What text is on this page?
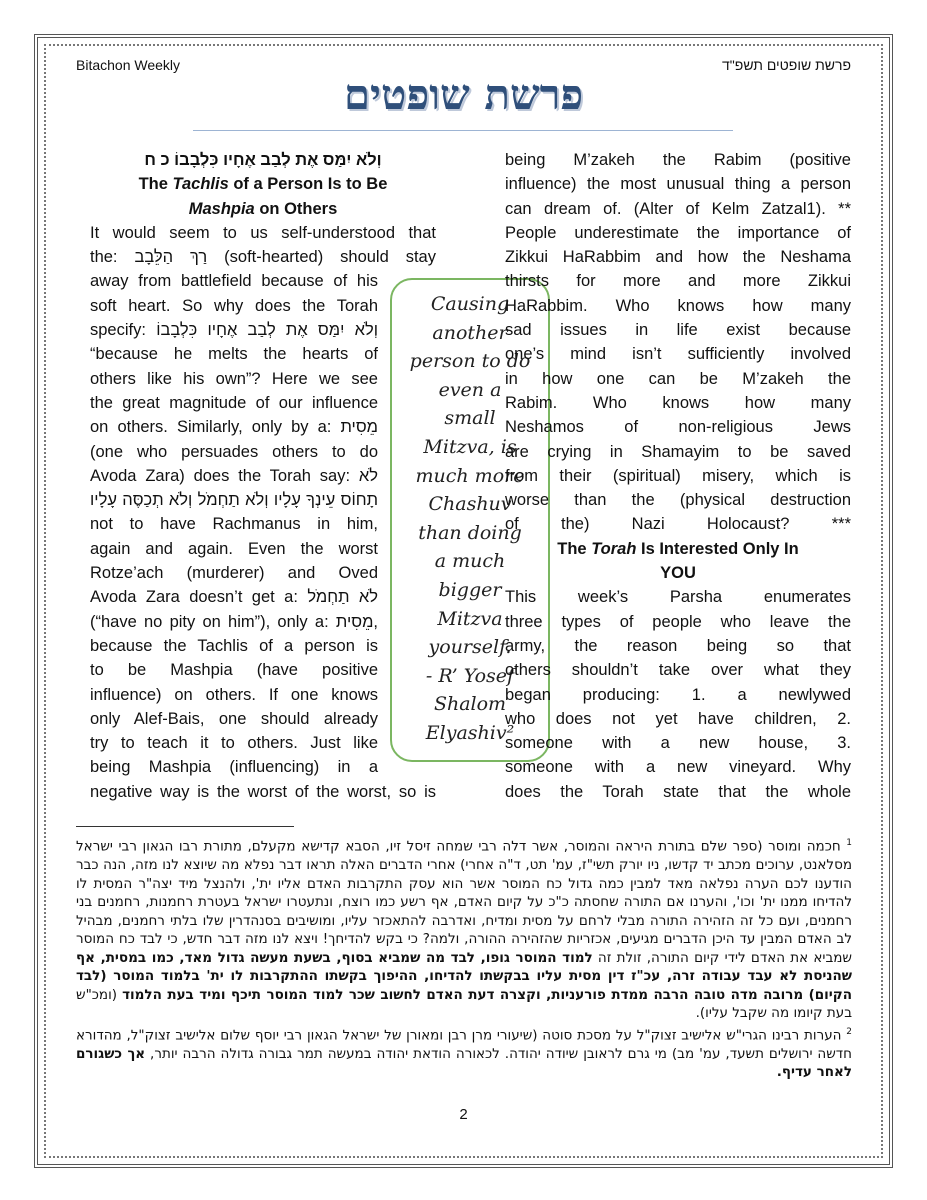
Bitachon Weekly	פרשת שופטים תשפ"ד
פרשת שופטים

וְלֹא יִמַּס אֶת לְבַב אֶחָיו כִּלְבָבוֹ כ ח

The Tachlis of a Person Is to Be

Mashpia on Others

It would seem to us self-understood that

the: רַךְ הַלֵּבָב (soft-hearted) should stay

away from battlefield because of his

soft heart. So why does the Torah

specify: וְלֹא יִמַּס אֶת לְבַב אֶחָיו כִּלְבָבוֹ

“because he melts the hearts of

others like his own”? Here we see

the great magnitude of our influence

on others. Similarly, only by a: מֵסִית

(one who persuades others to do

Avoda Zara) does the Torah say: לֹא

תָחוֹס עֵינְךָ עָלָיו וְלֹא תַחְמֹל וְלֹא תְכַסֶּה עָלָיו

not to have Rachmanus in him,

again and again. Even the worst

Rotze’ach (murderer) and Oved

Avoda Zara doesn’t get a: לֹא תַחְמֹל

(“have no pity on him”), only a: מֵסִית,

because the Tachlis of a person is

to be Mashpia (have positive

influence) on others. If one knows

only Alef-Bais, one should already

try to teach it to others. Just like

being Mashpia (influencing) in a

negative way is the worst of the worst, so is

Causing
another
person to do
even a
small
Mitzva, is
much more
Chashuv
than doing
a much
bigger
Mitzva
yourself.
- R’ Yosef
Shalom
Elyashiv²

being M’zakeh the Rabim (positive

influence) the most unusual thing a person

can dream of. (Alter of Kelm Zatzal1). **

People underestimate the importance of

Zikkui HaRabbim and how the Neshama

thirsts for more and more Zikkui

HaRabbim. Who knows how many

sad issues in life exist because

one’s mind isn’t sufficiently involved

in how one can be M’zakeh the

Rabim. Who knows how many

Neshamos of non-religious Jews

are crying in Shamayim to be saved

from their (spiritual) misery, which is

worse than the (physical destruction

of the) Nazi Holocaust? ***

The Torah Is Interested Only In

YOU

This week’s Parsha enumerates

three types of people who leave the

army, the reason being so that

others shouldn’t take over what they

began producing: 1. a newlywed

who does not yet have children, 2.

someone with a new house, 3.

someone with a new vineyard. Why

does the Torah state that the whole

$^1$ חכמה ומוסר (ספר שלם בתורת היראה והמוסר, אשר דלה רבי שמחה זיסל זיו, הסבא קדישא מקעלם, מתורת רבו הגאון רבי ישראל מסלאנט, ערוכים מכתב יד קדשו, ניו יורק תשי"ז, עמ' תט, ד"ה אחרי) אחרי הדברים האלה תראו דבר נפלא מה שיוצא לנו מזה, הנה כבר הודענו לכם הערה נפלאה מאד למבין כמה גדול כח המוסר אשר הוא עסק התקרבות האדם אליו ית', ולהנצל מיד יצה"ר המסית לו להדיחו ממנו ית' וכו', והערנו אם התורה שחסתה כ"כ על קיום האדם, אף רשע כמו רוצח, ונתעטרו ישראל בעטרת רחמנות, רחמנים בני רחמנים, ועם כל זה הזהירה התורה מבלי לרחם על מסית ומדיח, ואדרבה להתאכזר עליו, ומושיבים בסנהדרין שלו בלתי רחמנים, מבהיל לב האדם המבין עד היכן הדברים מגיעים, אכזריות שהזהירה ההורה, ולמה? כי בקש להדיחך! ויצא לנו מזה דבר חדש, כי לבד כח המוסר שמביא את האדם לידי קיום התורה, זולת זה למוד המוסר גופו, לבד מה שמביא בסוף, בשעת מעשה גדול מאד, כמו במסית, אף שהניסת לא עבד עבודה זרה, עכ"ז דין מסית עליו בבקשתו להדיחו, ההיפוך בקשתו ההתקרבות לו ית' בלמוד המוסר (לבד הקיום) מרובה מדה טובה הרבה ממדת פורעניות, וקצרה דעת האדם לחשוב שכר למוד המוסר תיכף ומיד בעת הלמוד (ומכ"ש בעת קיומו מה שקבל עליו).

$^2$ הערות רבינו הגרי"ש אלישיב זצוק"ל על מסכת סוטה (שיעורי מרן רבן ומאורן של ישראל הגאון רבי יוסף שלום אלישיב זצוק"ל, מהדורא חדשה ירושלים תשעד, עמ' מב) מי גרם לראובן שיודה יהודה. לכאורה הודאת יהודה במעשה תמר גבורה גדולה הרבה יותר, אך כשגורם לאחר עדיף.

2
